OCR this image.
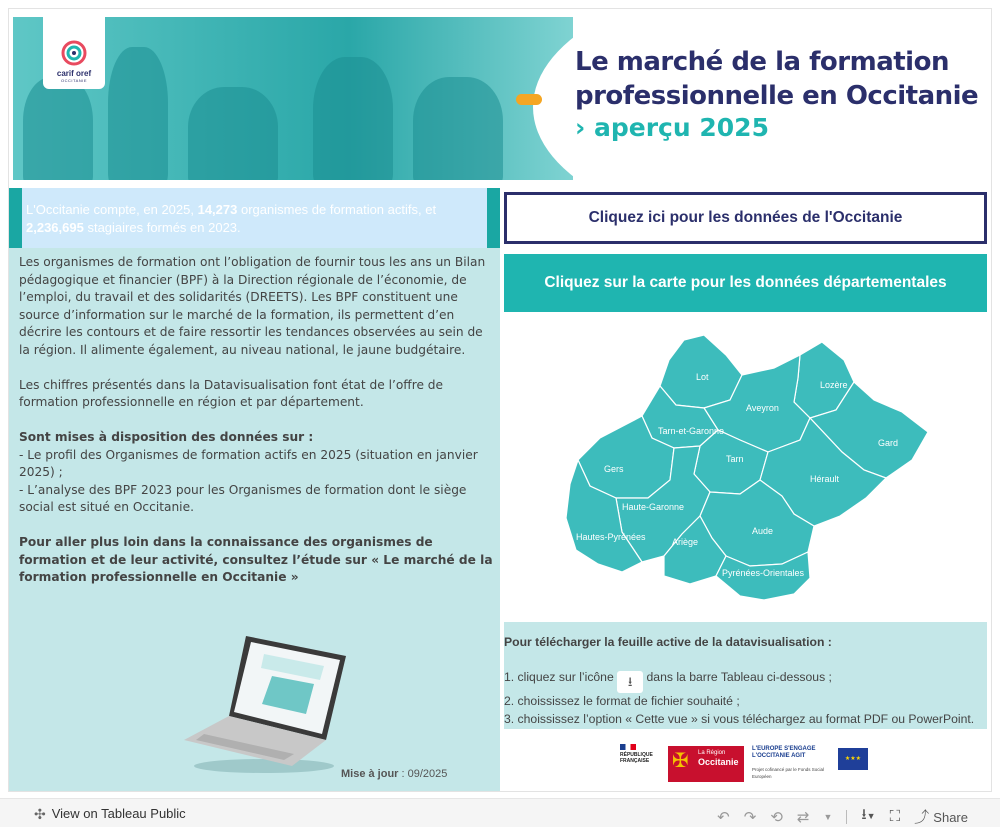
carif oref
OCCITANIE
Le marché de la formation
professionnelle en Occitanie
› aperçu 2025
L'Occitanie compte, en 2025, 14,273 organismes de formation actifs, et 2,236,695 stagiaires formés en 2023.

Les organismes de formation ont l’obligation de fournir tous les ans un Bilan pédagogique et financier (BPF) à la Direction régionale de l’économie, de l’emploi, du travail et des solidarités (DREETS). Les BPF constituent une source d’information sur le marché de la formation, ils permettent d’en décrire les contours et de faire ressortir les tendances observées au sein de la région. Il alimente également, au niveau national, le jaune budgétaire.

Les chiffres présentés dans la Datavisualisation font état de l’offre de formation professionnelle en région et par département.

Sont mises à disposition des données sur :
- Le profil des Organismes de formation actifs en 2025 (situation en janvier 2025) ;
- L’analyse des BPF 2023 pour les Organismes de formation dont le siège social est situé en Occitanie.

Pour aller plus loin dans la connaissance des organismes de formation et de leur activité, consultez l’étude sur « Le marché de la formation professionnelle en Occitanie »

Mise à jour : 09/2025
Cliquez ici pour les données de l'Occitanie
Cliquez sur la carte pour les données départementales
Lot
Lozère
Aveyron
Tarn-et-Garonne
Gard
Gers
Tarn
Hérault
Haute-Garonne
Aude
Hautes-Pyrénées	Ariège
Pyrénées-Orientales
Pour télécharger la feuille active de la datavisualisation :
1. cliquez sur l’icône ⭳ dans la barre Tableau ci-dessous ;
2. choississez le format de fichier souhaité ;
3. choississez l’option « Cette vue » si vous téléchargez au format PDF ou PowerPoint.
RÉPUBLIQUE FRANÇAISE	✠ La Région
Occitanie
L'EUROPE S'ENGAGE
L'OCCITANIE AGIT
Projet cofinancé par le Fonds Social Européen
★★★
✣ View on Tableau Public	↶ ↷ ⟲ ⇄ ▼ ⭳▼ ⛶ ⤴ Share
